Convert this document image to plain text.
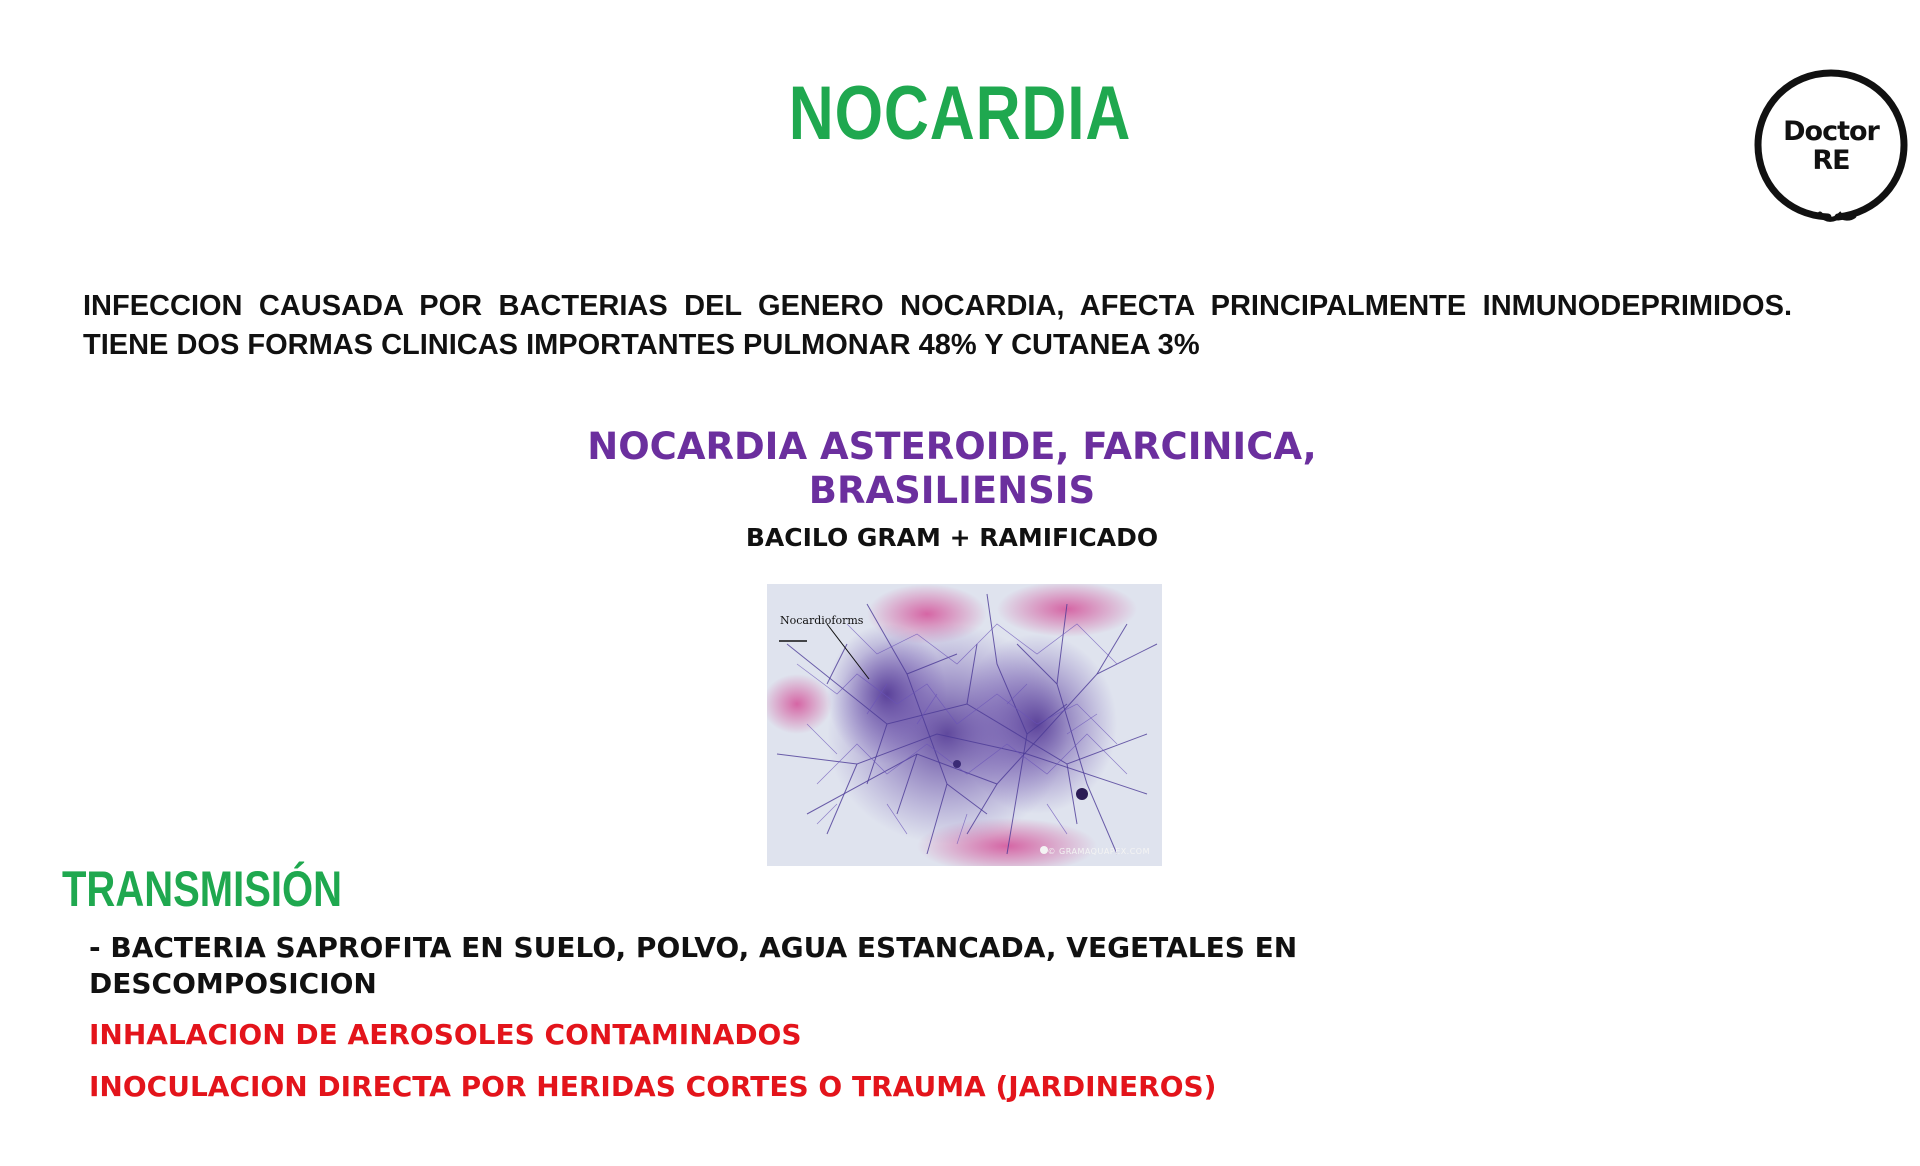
NOCARDIA	Doctor
RE
INFECCION CAUSADA POR BACTERIAS DEL GENERO NOCARDIA, AFECTA PRINCIPALMENTE INMUNODEPRIMIDOS. TIENE DOS FORMAS CLINICAS IMPORTANTES PULMONAR 48% Y CUTANEA 3%
NOCARDIA ASTEROIDE, FARCINICA,
BRASILIENSIS
BACILO GRAM + RAMIFICADO
Nocardioforms
© GRAMAQUAPEX.COM
TRANSMISIÓN
- BACTERIA SAPROFITA EN SUELO, POLVO, AGUA ESTANCADA, VEGETALES EN DESCOMPOSICION
INHALACION DE AEROSOLES CONTAMINADOS
INOCULACION DIRECTA POR HERIDAS CORTES O TRAUMA (JARDINEROS)
